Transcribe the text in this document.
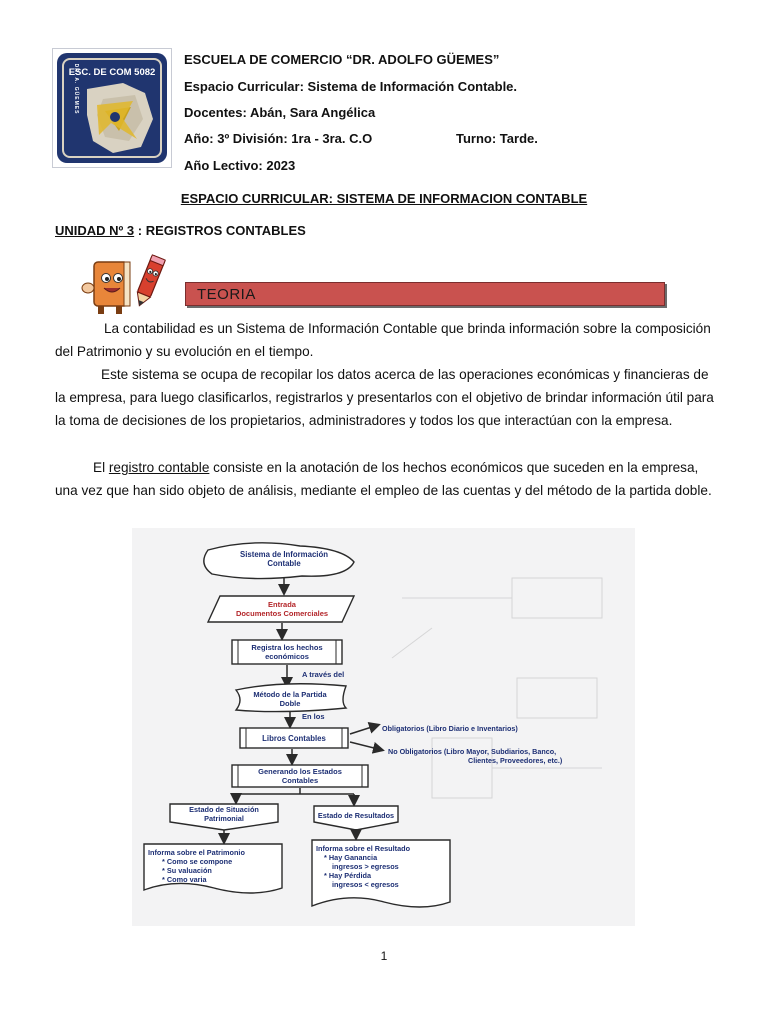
ESC. DE COM 5082
DR. A. GÜEMES
ESCUELA DE COMERCIO “DR. ADOLFO GÜEMES”
Espacio Curricular: Sistema de Información Contable.
Docentes: Abán, Sara Angélica
Año: 3º División: 1ra - 3ra. C.O	Turno: Tarde.
Año Lectivo: 2023
ESPACIO CURRICULAR: SISTEMA DE INFORMACION CONTABLE
UNIDAD Nº 3 : REGISTROS CONTABLES
TEORIA

La contabilidad es un Sistema de Información Contable que brinda información sobre la composición del Patrimonio y su evolución en el tiempo.

Este sistema se ocupa de recopilar los datos acerca de las operaciones económicas y financieras de la empresa, para luego clasificarlos, registrarlos y presentarlos con el objetivo de brindar información útil para la toma de decisiones de los propietarios, administradores y todos los que interactúan con la empresa.

El registro contable consiste en la anotación de los hechos económicos que suceden en la empresa, una vez que han sido objeto de análisis, mediante el empleo de las cuentas y del método de la partida doble.

Sistema de Información
Contable
Entrada
Documentos Comerciales
Registra los hechos
económicos
A través del
Método de la Partida
Doble
En los
Libros Contables
Obligatorios (Libro Diario e Inventarios)
No Obligatorios (Libro Mayor, Subdiarios, Banco,
Clientes, Proveedores, etc.)
Generando los Estados
Contables
Estado de Situación
Patrimonial	Estado de Resultados
Informa sobre el Patrimonio
* Como se compone
* Su valuación
* Como varia
Informa sobre el Resultado
* Hay Ganancia
ingresos > egresos
* Hay Pérdida
ingresos < egresos
1
